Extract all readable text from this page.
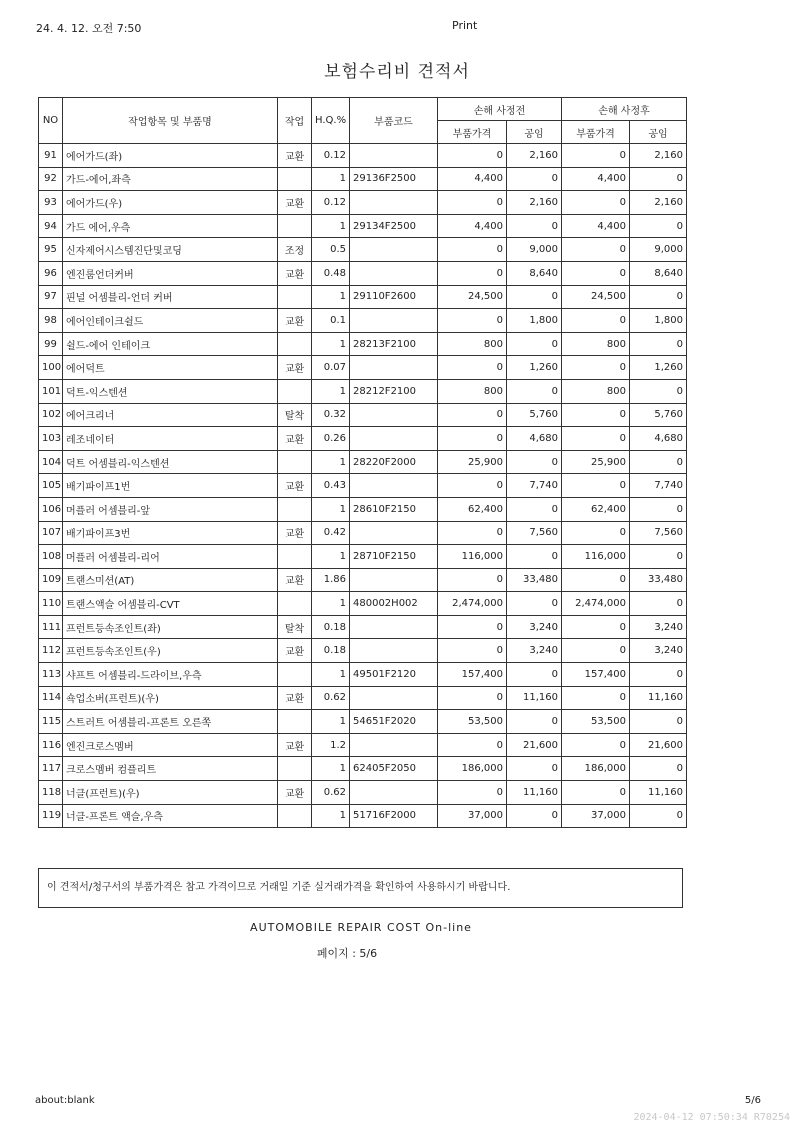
24. 4. 12. 오전 7:50	Print
보험수리비 견적서
NO	작업항목 및 부품명	작업	H.Q.%	부품코드	손해 사정전		손해 사정후	
					부품가격	공임	부품가격	공임
91	에어가드(좌)	교환	0.12		0	2,160	0	2,160
92	가드-에어,좌측		1	29136F2500	4,400	0	4,400	0
93	에어가드(우)	교환	0.12		0	2,160	0	2,160
94	가드 에어,우측		1	29134F2500	4,400	0	4,400	0
95	신자제어시스템진단및코딩	조정	0.5		0	9,000	0	9,000
96	엔진룸언더커버	교환	0.48		0	8,640	0	8,640
97	핀널 어셈블리-언더 커버		1	29110F2600	24,500	0	24,500	0
98	에어인테이크쉴드	교환	0.1		0	1,800	0	1,800
99	쉴드-에어 인테이크		1	28213F2100	800	0	800	0
100	에어덕트	교환	0.07		0	1,260	0	1,260
101	덕트-익스텐션		1	28212F2100	800	0	800	0
102	에어크리너	탈착	0.32		0	5,760	0	5,760
103	레조네이터	교환	0.26		0	4,680	0	4,680
104	덕트 어셈블리-익스텐션		1	28220F2000	25,900	0	25,900	0
105	배기파이프1번	교환	0.43		0	7,740	0	7,740
106	머플러 어셈블리-앞		1	28610F2150	62,400	0	62,400	0
107	배기파이프3번	교환	0.42		0	7,560	0	7,560
108	머플러 어셈블리-리어		1	28710F2150	116,000	0	116,000	0
109	트랜스미션(AT)	교환	1.86		0	33,480	0	33,480
110	트랜스액슬 어셈블리-CVT		1	480002H002	2,474,000	0	2,474,000	0
111	프런트등속조인트(좌)	탈착	0.18		0	3,240	0	3,240
112	프런트등속조인트(우)	교환	0.18		0	3,240	0	3,240
113	샤프트 어셈블리-드라이브,우측		1	49501F2120	157,400	0	157,400	0
114	쇽업소버(프런트)(우)	교환	0.62		0	11,160	0	11,160
115	스트러트 어셈블리-프론트 오른쪽		1	54651F2020	53,500	0	53,500	0
116	엔진크로스멤버	교환	1.2		0	21,600	0	21,600
117	크로스멤버 컴플리트		1	62405F2050	186,000	0	186,000	0
118	너클(프런트)(우)	교환	0.62		0	11,160	0	11,160
119	너클-프론트 액슬,우측		1	51716F2000	37,000	0	37,000	0
이 견적서/청구서의 부품가격은 참고 가격이므로 거래일 기준 실거래가격을 확인하여 사용하시기 바랍니다.
AUTOMOBILE REPAIR COST On-line
페이지 : 5/6
about:blank	5/6
2024-04-12 07:50:34 R70254
